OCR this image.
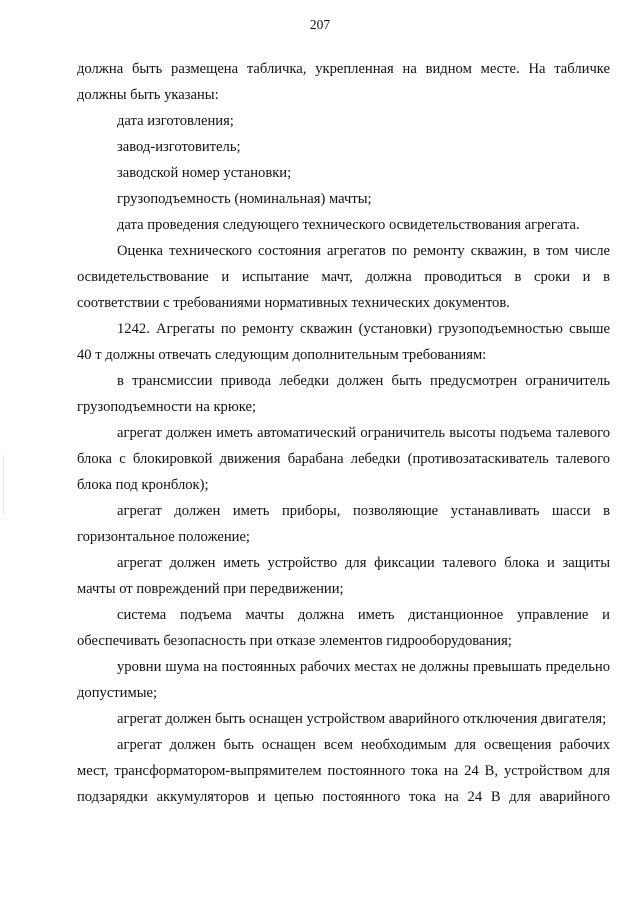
207

должна быть размещена табличка, укрепленная на видном месте. На табличке должны быть указаны:

дата изготовления;

завод-изготовитель;

заводской номер установки;

грузоподъемность (номинальная) мачты;

дата проведения следующего технического освидетельствования агрегата.

Оценка технического состояния агрегатов по ремонту скважин, в том числе освидетельствование и испытание мачт, должна проводиться в сроки и в соответствии с требованиями нормативных технических документов.

1242. Агрегаты по ремонту скважин (установки) грузоподъемностью свыше 40 т должны отвечать следующим дополнительным требованиям:

в трансмиссии привода лебедки должен быть предусмотрен ограничитель грузоподъемности на крюке;

агрегат должен иметь автоматический ограничитель высоты подъема талевого блока с блокировкой движения барабана лебедки (противозатаскиватель талевого блока под кронблок);

агрегат должен иметь приборы, позволяющие устанавливать шасси в горизонтальное положение;

агрегат должен иметь устройство для фиксации талевого блока и защиты мачты от повреждений при передвижении;

система подъема мачты должна иметь дистанционное управление и обеспечивать безопасность при отказе элементов гидрооборудования;

уровни шума на постоянных рабочих местах не должны превышать предельно допустимые;

агрегат должен быть оснащен устройством аварийного отключения двигателя;

агрегат должен быть оснащен всем необходимым для освещения рабочих мест, трансформатором-выпрямителем постоянного тока на 24 В, устройством для подзарядки аккумуляторов и цепью постоянного тока на 24 В для аварийного
